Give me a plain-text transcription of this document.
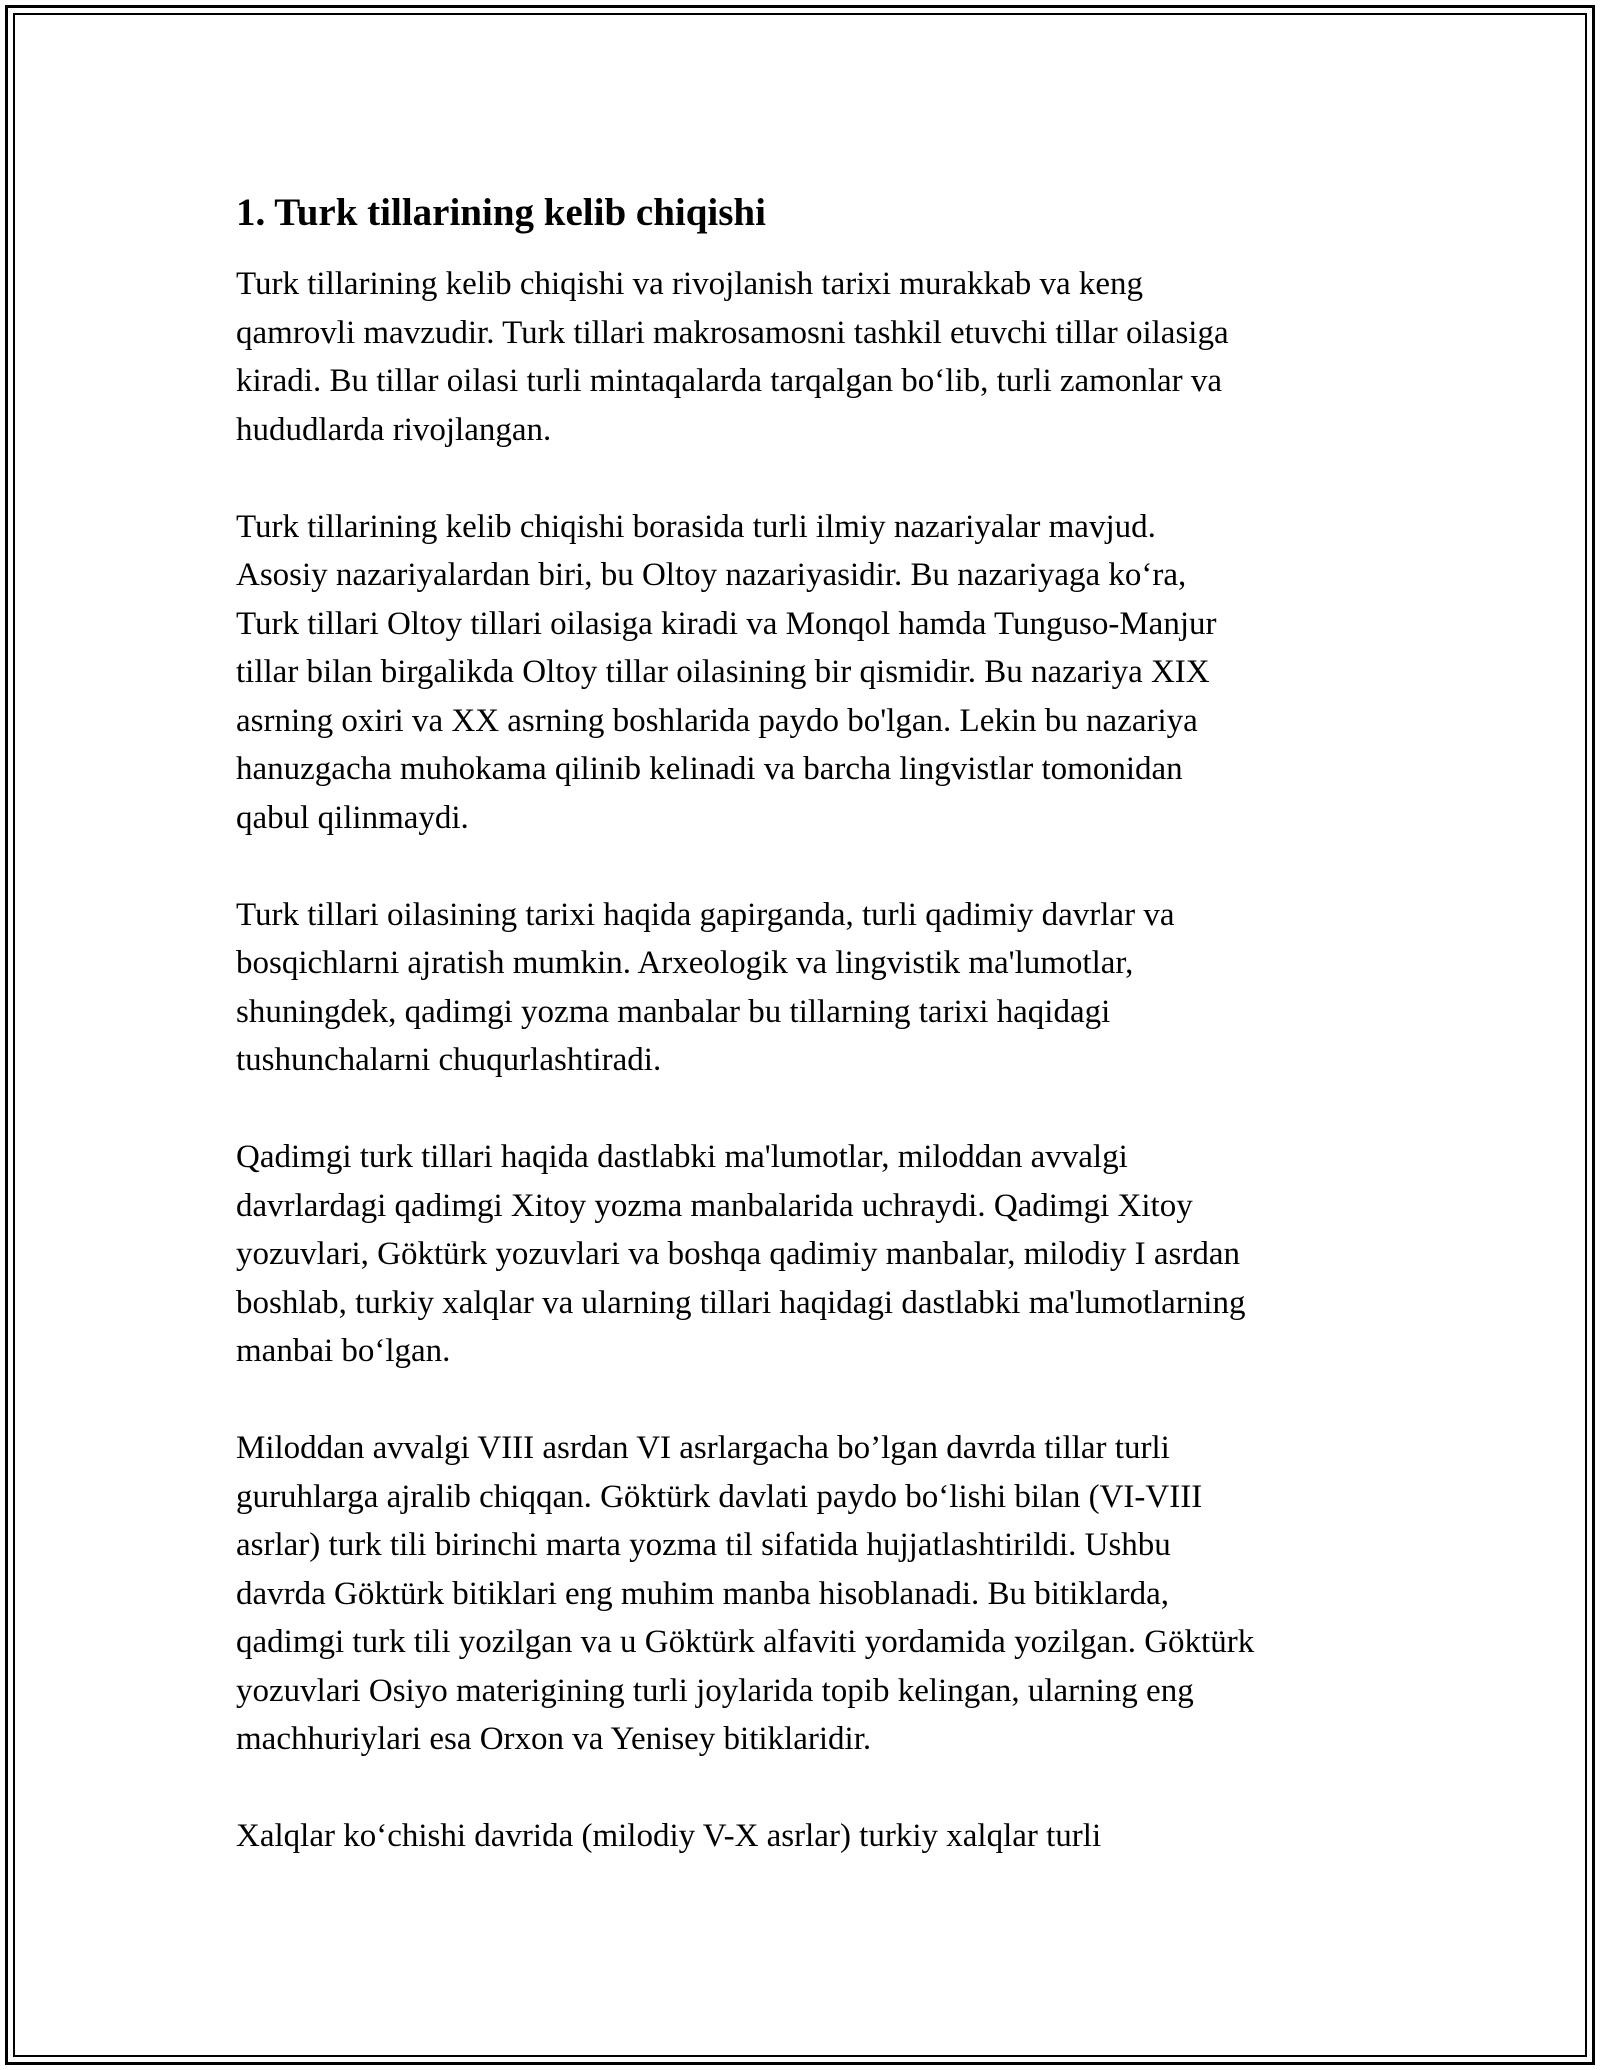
1. Turk tillarining kelib chiqishi
Turk tillarining kelib chiqishi va rivojlanish tarixi murakkab va keng
qamrovli mavzudir. Turk tillari makrosamosni tashkil etuvchi tillar oilasiga
kiradi. Bu tillar oilasi turli mintaqalarda tarqalgan bo‘lib, turli zamonlar va
hududlarda rivojlangan.
Turk tillarining kelib chiqishi borasida turli ilmiy nazariyalar mavjud.
Asosiy nazariyalardan biri, bu Oltoy nazariyasidir. Bu nazariyaga ko‘ra,
Turk tillari Oltoy tillari oilasiga kiradi va Monqol hamda Tunguso-Manjur
tillar bilan birgalikda Oltoy tillar oilasining bir qismidir. Bu nazariya XIX
asrning oxiri va XX asrning boshlarida paydo bo'lgan. Lekin bu nazariya
hanuzgacha muhokama qilinib kelinadi va barcha lingvistlar tomonidan
qabul qilinmaydi.
Turk tillari oilasining tarixi haqida gapirganda, turli qadimiy davrlar va
bosqichlarni ajratish mumkin. Arxeologik va lingvistik ma'lumotlar,
shuningdek, qadimgi yozma manbalar bu tillarning tarixi haqidagi
tushunchalarni chuqurlashtiradi.
Qadimgi turk tillari haqida dastlabki ma'lumotlar, miloddan avvalgi
davrlardagi qadimgi Xitoy yozma manbalarida uchraydi. Qadimgi Xitoy
yozuvlari, Göktürk yozuvlari va boshqa qadimiy manbalar, milodiy I asrdan
boshlab, turkiy xalqlar va ularning tillari haqidagi dastlabki ma'lumotlarning
manbai bo‘lgan.
Miloddan avvalgi VIII asrdan VI asrlargacha bo’lgan davrda tillar turli
guruhlarga ajralib chiqqan. Göktürk davlati paydo bo‘lishi bilan (VI-VIII
asrlar) turk tili birinchi marta yozma til sifatida hujjatlashtirildi. Ushbu
davrda Göktürk bitiklari eng muhim manba hisoblanadi. Bu bitiklarda,
qadimgi turk tili yozilgan va u Göktürk alfaviti yordamida yozilgan. Göktürk
yozuvlari Osiyo materigining turli joylarida topib kelingan, ularning eng
machhuriylari esa Orxon va Yenisey bitiklaridir.
Xalqlar ko‘chishi davrida (milodiy V-X asrlar) turkiy xalqlar turli
